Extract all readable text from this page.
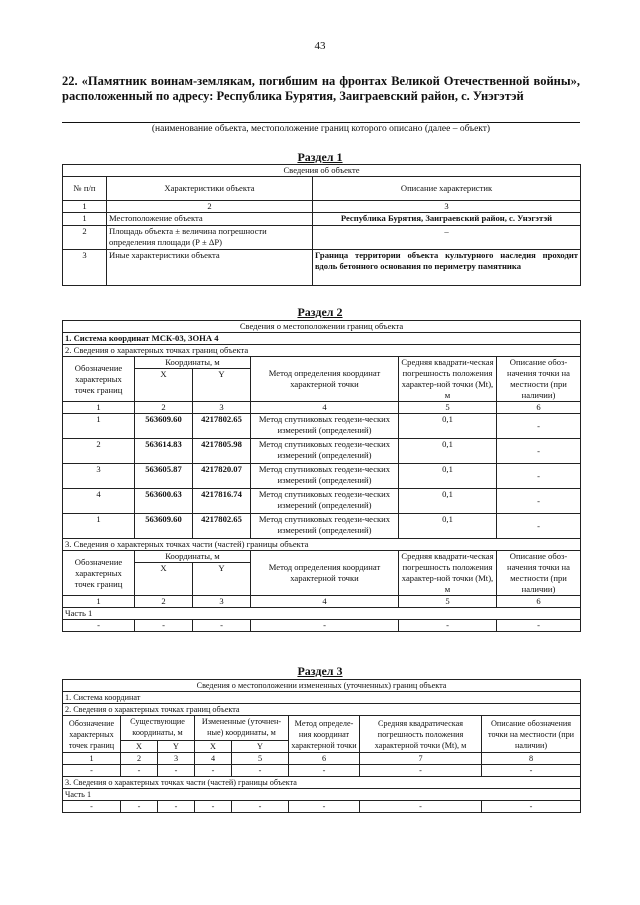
43
22. «Памятник воинам-землякам, погибшим на фронтах Великой Отечественной войны», расположенный по адресу: Республика Бурятия, Заиграевский район, с. Унэгэтэй
(наименование объекта, местоположение границ которого описано (далее – объект)
Раздел 1
Сведения об объекте		
№ п/п	Характеристики объекта	Описание характеристик
1	2	3
1	Местоположение объекта	Республика Бурятия, Заиграевский район, с. Унэгэтэй
2	Площадь объекта ± величина погрешности определения площади (Р ± ΔР)	–
3	Иные характеристики объекта	Граница территории объекта культурного наследия проходит вдоль бетонного основания по периметру памятника
Раздел 2
Сведения о местоположении границ объекта					
1. Система координат МСК-03, ЗОНА 4					
2. Сведения о характерных точках границ объекта					
Обозначение характерных точек границ	Координаты, м		Метод определения координат характерной точки	Средняя квадрати-ческая погрешность положения характер-ной точки (Mt), м	Описание обоз-начения точки на местности (при наличии)
	X	Y			
1	2	3	4	5	6
1	563609.60	4217802.65	Метод спутниковых геодези-ческих измерений (определений)	0,1	-
2	563614.83	4217805.98	Метод спутниковых геодези-ческих измерений (определений)	0,1	-
3	563605.87	4217820.07	Метод спутниковых геодези-ческих измерений (определений)	0,1	-
4	563600.63	4217816.74	Метод спутниковых геодези-ческих измерений (определений)	0,1	-
1	563609.60	4217802.65	Метод спутниковых геодези-ческих измерений (определений)	0,1	-
3. Сведения о характерных точках части (частей) границы объекта					
Обозначение характерных точек границ	Координаты, м		Метод определения координат характерной точки	Средняя квадрати-ческая погрешность положения характер-ной точки (Mt), м	Описание обоз-начения точки на местности (при наличии)
	X	Y			
1	2	3	4	5	6
Часть 1					
-	-	-	-	-	-
Раздел 3
Сведения о местоположении измененных (уточненных) границ объекта							
1. Система координат							
2. Сведения о характерных точках границ объекта							
Обозначение характерных точек границ	Существующие координаты, м		Измененные (уточнен-ные) координаты, м		Метод определе-ния координат характерной точки	Средняя квадратическая погрешность положения характерной точки (Mt), м	Описание обозначения точки на местности (при наличии)
	X	Y	X	Y			
1	2	3	4	5	6	7	8
-	-	-	-	-	-	-	-
3. Сведения о характерных точках части (частей) границы объекта							
Часть 1							
-	-	-	-	-	-	-	-
